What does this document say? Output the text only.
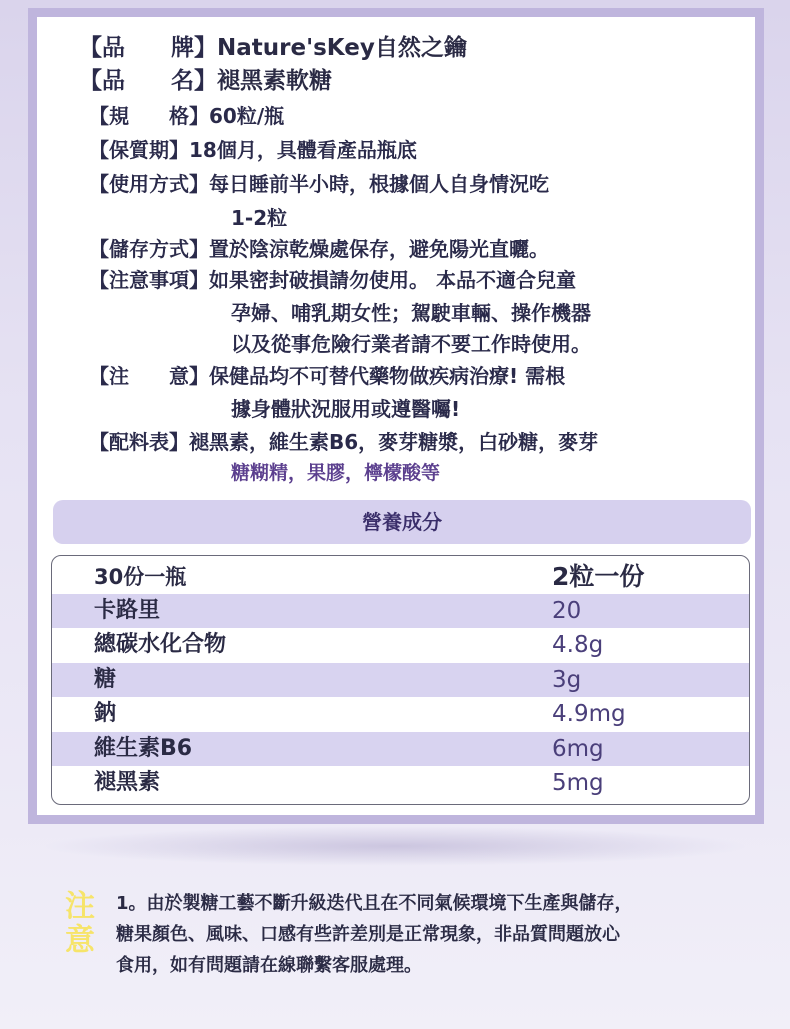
【品　　牌】Nature'sKey自然之鑰
【品　　名】褪黑素軟糖
【規　　格】60粒/瓶
【保質期】18個月，具體看產品瓶底
【使用方式】每日睡前半小時，根據個人自身情況吃
1-2粒
【儲存方式】置於陰涼乾燥處保存，避免陽光直曬。
【注意事項】如果密封破損請勿使用。 本品不適合兒童
孕婦、哺乳期女性；駕駛車輛、操作機器
以及從事危險行業者請不要工作時使用。
【注　　意】保健品均不可替代藥物做疾病治療! 需根
據身體狀況服用或遵醫囑!
【配料表】褪黑素，維生素B6，麥芽糖漿，白砂糖，麥芽
糖糊精，果膠，檸檬酸等
營養成分
30份一瓶	2粒一份
卡路里	20
總碳水化合物	4.8g
糖	3g
鈉	4.9mg
維生素B6	6mg
褪黑素	5mg
注
意
1。由於製糖工藝不斷升級迭代且在不同氣候環境下生產與儲存，
糖果顏色、風味、口感有些許差別是正常現象，非品質問題放心
食用，如有問題請在線聯繫客服處理。
